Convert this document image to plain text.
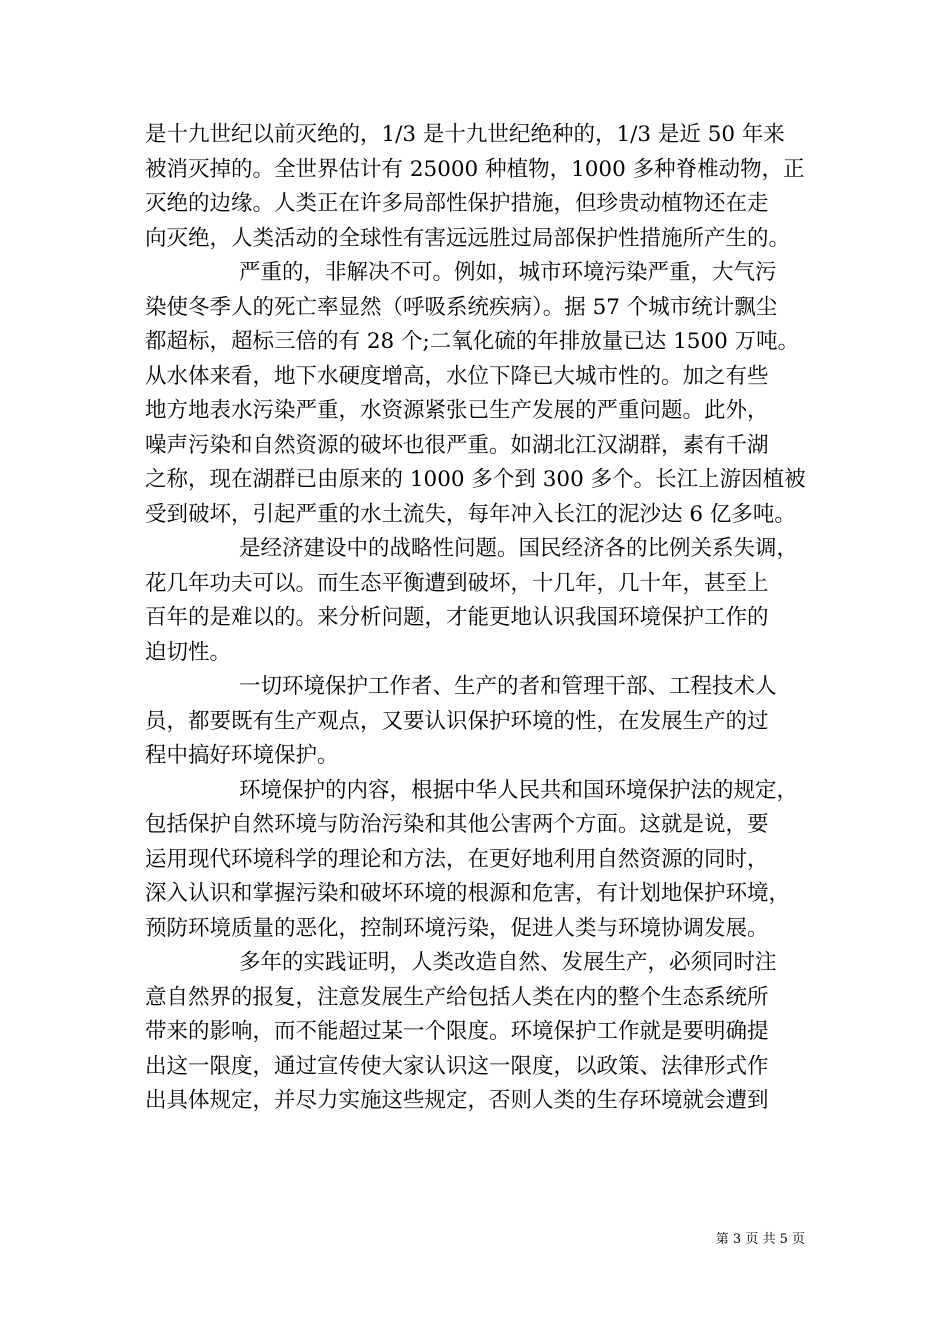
是十九世纪以前灭绝的，1/3 是十九世纪绝种的，1/3 是近 50 年来
被消灭掉的。全世界估计有 25000 种植物，1000 多种脊椎动物，正
灭绝的边缘。人类正在许多局部性保护措施，但珍贵动植物还在走
向灭绝，人类活动的全球性有害远远胜过局部保护性措施所产生的。
严重的，非解决不可。例如，城市环境污染严重，大气污
染使冬季人的死亡率显然（呼吸系统疾病）。据 57 个城市统计飘尘
都超标，超标三倍的有 28 个;二氧化硫的年排放量已达 1500 万吨。
从水体来看，地下水硬度增高，水位下降已大城市性的。加之有些
地方地表水污染严重，水资源紧张已生产发展的严重问题。此外，
噪声污染和自然资源的破坏也很严重。如湖北江汉湖群，素有千湖
之称，现在湖群已由原来的 1000 多个到 300 多个。长江上游因植被
受到破坏，引起严重的水土流失，每年冲入长江的泥沙达 6 亿多吨。
是经济建设中的战略性问题。国民经济各的比例关系失调，
花几年功夫可以。而生态平衡遭到破坏，十几年，几十年，甚至上
百年的是难以的。来分析问题，才能更地认识我国环境保护工作的
迫切性。
一切环境保护工作者、生产的者和管理干部、工程技术人
员，都要既有生产观点，又要认识保护环境的性，在发展生产的过
程中搞好环境保护。
环境保护的内容，根据中华人民共和国环境保护法的规定，
包括保护自然环境与防治污染和其他公害两个方面。这就是说，要
运用现代环境科学的理论和方法，在更好地利用自然资源的同时，
深入认识和掌握污染和破坏环境的根源和危害，有计划地保护环境，
预防环境质量的恶化，控制环境污染，促进人类与环境协调发展。
多年的实践证明，人类改造自然、发展生产，必须同时注
意自然界的报复，注意发展生产给包括人类在内的整个生态系统所
带来的影响，而不能超过某一个限度。环境保护工作就是要明确提
出这一限度，通过宣传使大家认识这一限度，以政策、法律形式作
出具体规定，并尽力实施这些规定，否则人类的生存环境就会遭到
第 3 页 共 5 页
